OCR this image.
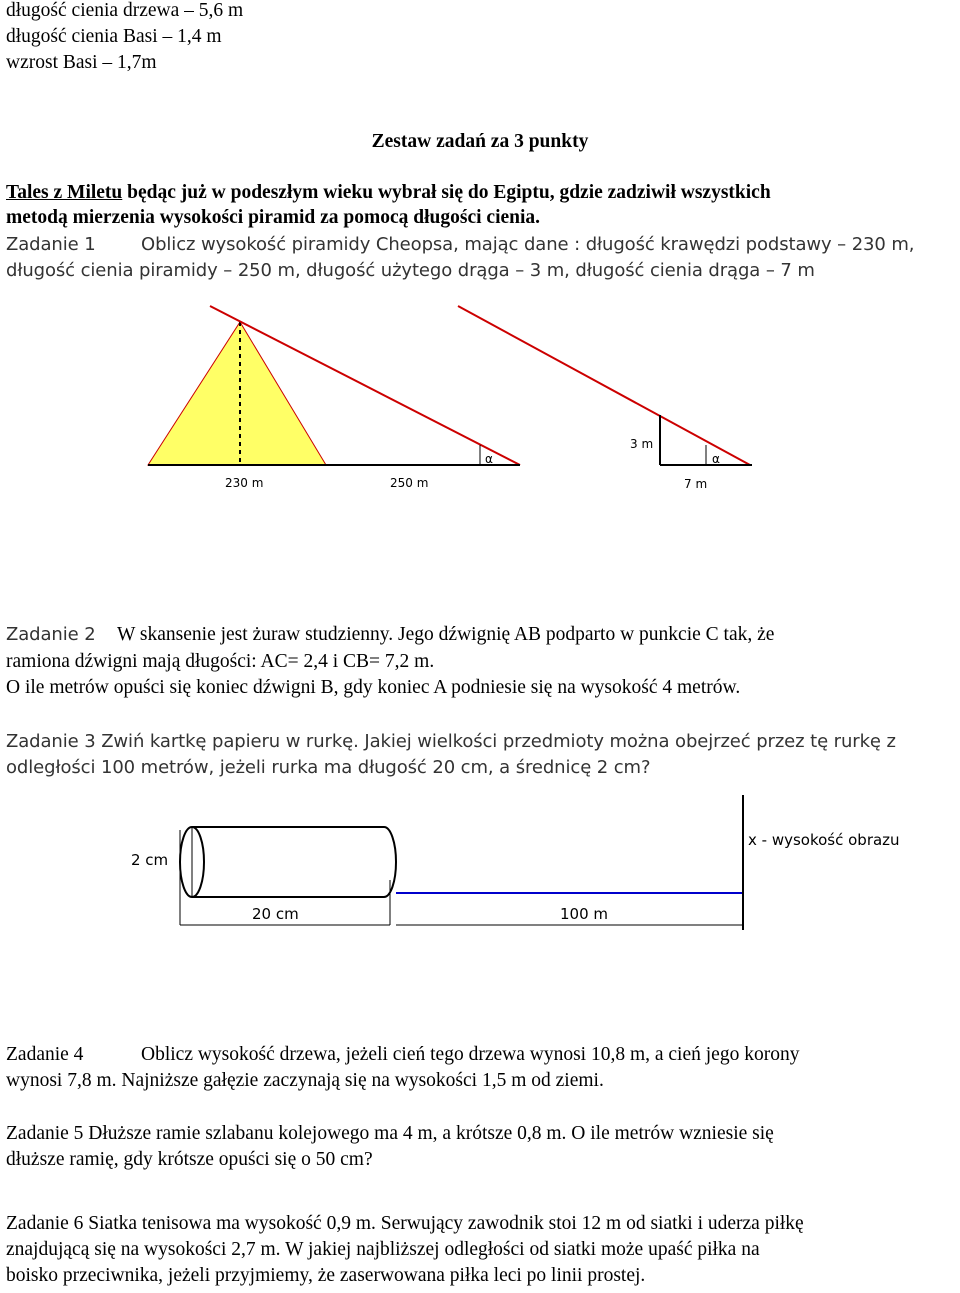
długość cienia drzewa – 5,6 m
długość cienia Basi – 1,4 m
wzrost Basi – 1,7m
Zestaw zadań za 3 punkty
Tales z Miletu będąc już w podeszłym wieku wybrał się do Egiptu, gdzie zadziwił wszystkich
metodą mierzenia wysokości piramid za pomocą długości cienia.
Zadanie 1	Oblicz wysokość piramidy Cheopsa, mając dane : długość krawędzi podstawy – 230 m,
długość cienia piramidy – 250 m, długość użytego drąga – 3 m, długość cienia drąga – 7 m
230 m	250 m
3 m
7 m
α	α
2 cm
20 cm	100 m
x - wysokość obrazu
Zadanie 2 W skansenie jest żuraw studzienny. Jego dźwignię AB podparto w punkcie C tak, że
ramiona dźwigni mają długości: AC= 2,4 i CB= 7,2 m.
O ile metrów opuści się koniec dźwigni B, gdy koniec A podniesie się na wysokość 4 metrów.
Zadanie 3 Zwiń kartkę papieru w rurkę. Jakiej wielkości przedmioty można obejrzeć przez tę rurkę z
odległości 100 metrów, jeżeli rurka ma długość 20 cm, a średnicę 2 cm?
Zadanie 4	Oblicz wysokość drzewa, jeżeli cień tego drzewa wynosi 10,8 m, a cień jego korony
wynosi 7,8 m. Najniższe gałęzie zaczynają się na wysokości 1,5 m od ziemi.
Zadanie 5 Dłuższe ramie szlabanu kolejowego ma 4 m, a krótsze 0,8 m. O ile metrów wzniesie się
dłuższe ramię, gdy krótsze opuści się o 50 cm?
Zadanie 6 Siatka tenisowa ma wysokość 0,9 m. Serwujący zawodnik stoi 12 m od siatki i uderza piłkę
znajdującą się na wysokości 2,7 m. W jakiej najbliższej odległości od siatki może upaść piłka na
boisko przeciwnika, jeżeli przyjmiemy, że zaserwowana piłka leci po linii prostej.
